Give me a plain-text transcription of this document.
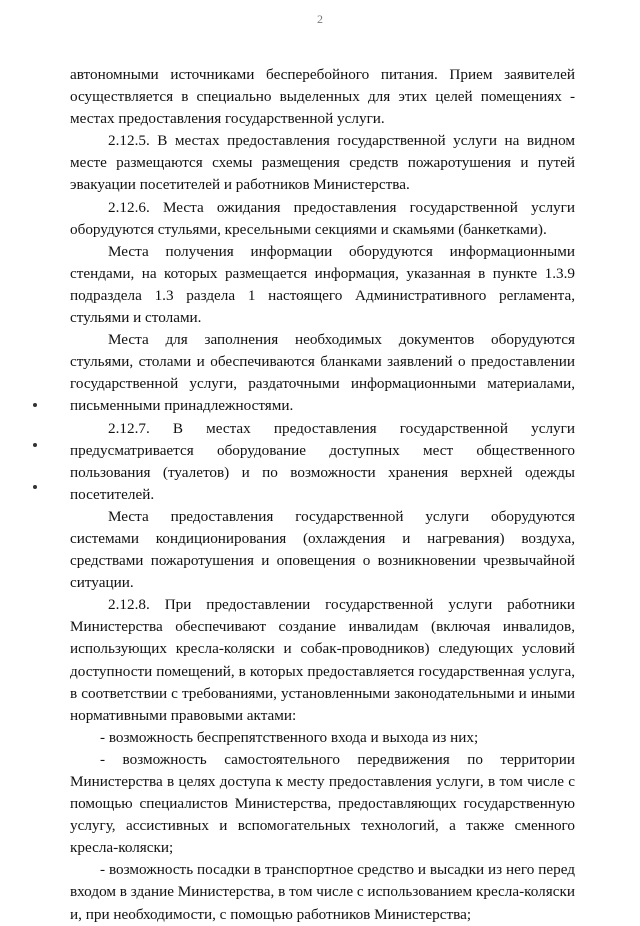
2

автономными источниками бесперебойного питания. Прием заявителей осуществляется в специально выделенных для этих целей помещениях - местах предоставления государственной услуги.

2.12.5. В местах предоставления государственной услуги на видном месте размещаются схемы размещения средств пожаротушения и путей эвакуации посетителей и работников Министерства.

2.12.6. Места ожидания предоставления государственной услуги оборудуются стульями, кресельными секциями и скамьями (банкетками).

Места получения информации оборудуются информационными стендами, на которых размещается информация, указанная в пункте 1.3.9 подраздела 1.3 раздела 1 настоящего Административного регламента, стульями и столами.

Места для заполнения необходимых документов оборудуются стульями, столами и обеспечиваются бланками заявлений о предоставлении государственной услуги, раздаточными информационными материалами, письменными принадлежностями.

2.12.7. В местах предоставления государственной услуги предусматривается оборудование доступных мест общественного пользования (туалетов) и по возможности хранения верхней одежды посетителей.

Места предоставления государственной услуги оборудуются системами кондиционирования (охлаждения и нагревания) воздуха, средствами пожаротушения и оповещения о возникновении чрезвычайной ситуации.

2.12.8. При предоставлении государственной услуги работники Министерства обеспечивают создание инвалидам (включая инвалидов, использующих кресла-коляски и собак-проводников) следующих условий доступности помещений, в которых предоставляется государственная услуга, в соответствии с требованиями, установленными законодательными и иными нормативными правовыми актами:

- возможность беспрепятственного входа и выхода из них;

- возможность самостоятельного передвижения по территории Министерства в целях доступа к месту предоставления услуги, в том числе с помощью специалистов Министерства, предоставляющих государственную услугу, ассистивных и вспомогательных технологий, а также сменного кресла-коляски;

- возможность посадки в транспортное средство и высадки из него перед входом в здание Министерства, в том числе с использованием кресла-коляски и, при необходимости, с помощью работников Министерства;
